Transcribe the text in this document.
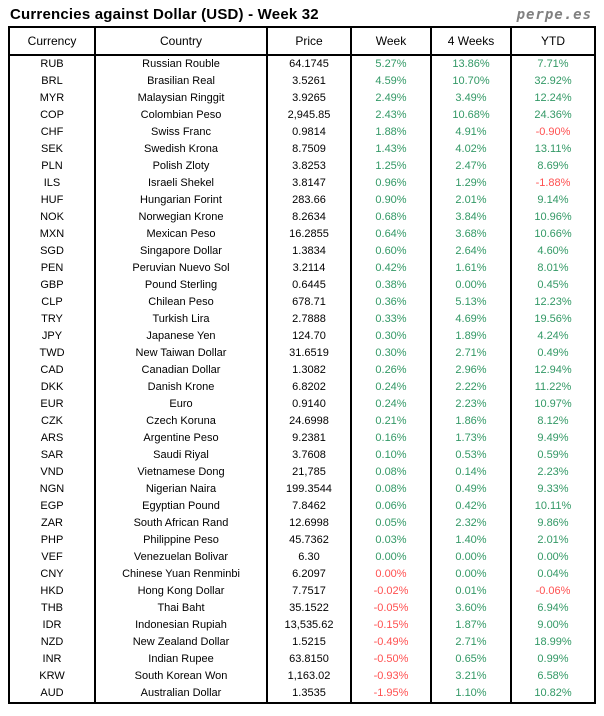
Currencies against Dollar (USD) - Week 32	perpe.es
Currency	Country	Price	Week	4 Weeks	YTD
RUB	Russian Rouble	64.1745	5.27%	13.86%	7.71%
BRL	Brasilian Real	3.5261	4.59%	10.70%	32.92%
MYR	Malaysian Ringgit	3.9265	2.49%	3.49%	12.24%
COP	Colombian Peso	2,945.85	2.43%	10.68%	24.36%
CHF	Swiss Franc	0.9814	1.88%	4.91%	-0.90%
SEK	Swedish Krona	8.7509	1.43%	4.02%	13.11%
PLN	Polish Zloty	3.8253	1.25%	2.47%	8.69%
ILS	Israeli Shekel	3.8147	0.96%	1.29%	-1.88%
HUF	Hungarian Forint	283.66	0.90%	2.01%	9.14%
NOK	Norwegian Krone	8.2634	0.68%	3.84%	10.96%
MXN	Mexican Peso	16.2855	0.64%	3.68%	10.66%
SGD	Singapore Dollar	1.3834	0.60%	2.64%	4.60%
PEN	Peruvian Nuevo Sol	3.2114	0.42%	1.61%	8.01%
GBP	Pound Sterling	0.6445	0.38%	0.00%	0.45%
CLP	Chilean Peso	678.71	0.36%	5.13%	12.23%
TRY	Turkish Lira	2.7888	0.33%	4.69%	19.56%
JPY	Japanese Yen	124.70	0.30%	1.89%	4.24%
TWD	New Taiwan Dollar	31.6519	0.30%	2.71%	0.49%
CAD	Canadian Dollar	1.3082	0.26%	2.96%	12.94%
DKK	Danish Krone	6.8202	0.24%	2.22%	11.22%
EUR	Euro	0.9140	0.24%	2.23%	10.97%
CZK	Czech Koruna	24.6998	0.21%	1.86%	8.12%
ARS	Argentine Peso	9.2381	0.16%	1.73%	9.49%
SAR	Saudi Riyal	3.7608	0.10%	0.53%	0.59%
VND	Vietnamese Dong	21,785	0.08%	0.14%	2.23%
NGN	Nigerian Naira	199.3544	0.08%	0.49%	9.33%
EGP	Egyptian Pound	7.8462	0.06%	0.42%	10.11%
ZAR	South African Rand	12.6998	0.05%	2.32%	9.86%
PHP	Philippine Peso	45.7362	0.03%	1.40%	2.01%
VEF	Venezuelan Bolivar	6.30	0.00%	0.00%	0.00%
CNY	Chinese Yuan Renminbi	6.2097	0.00%	0.00%	0.04%
HKD	Hong Kong Dollar	7.7517	-0.02%	0.01%	-0.06%
THB	Thai Baht	35.1522	-0.05%	3.60%	6.94%
IDR	Indonesian Rupiah	13,535.62	-0.15%	1.87%	9.00%
NZD	New Zealand Dollar	1.5215	-0.49%	2.71%	18.99%
INR	Indian Rupee	63.8150	-0.50%	0.65%	0.99%
KRW	South Korean Won	1,163.02	-0.93%	3.21%	6.58%
AUD	Australian Dollar	1.3535	-1.95%	1.10%	10.82%
